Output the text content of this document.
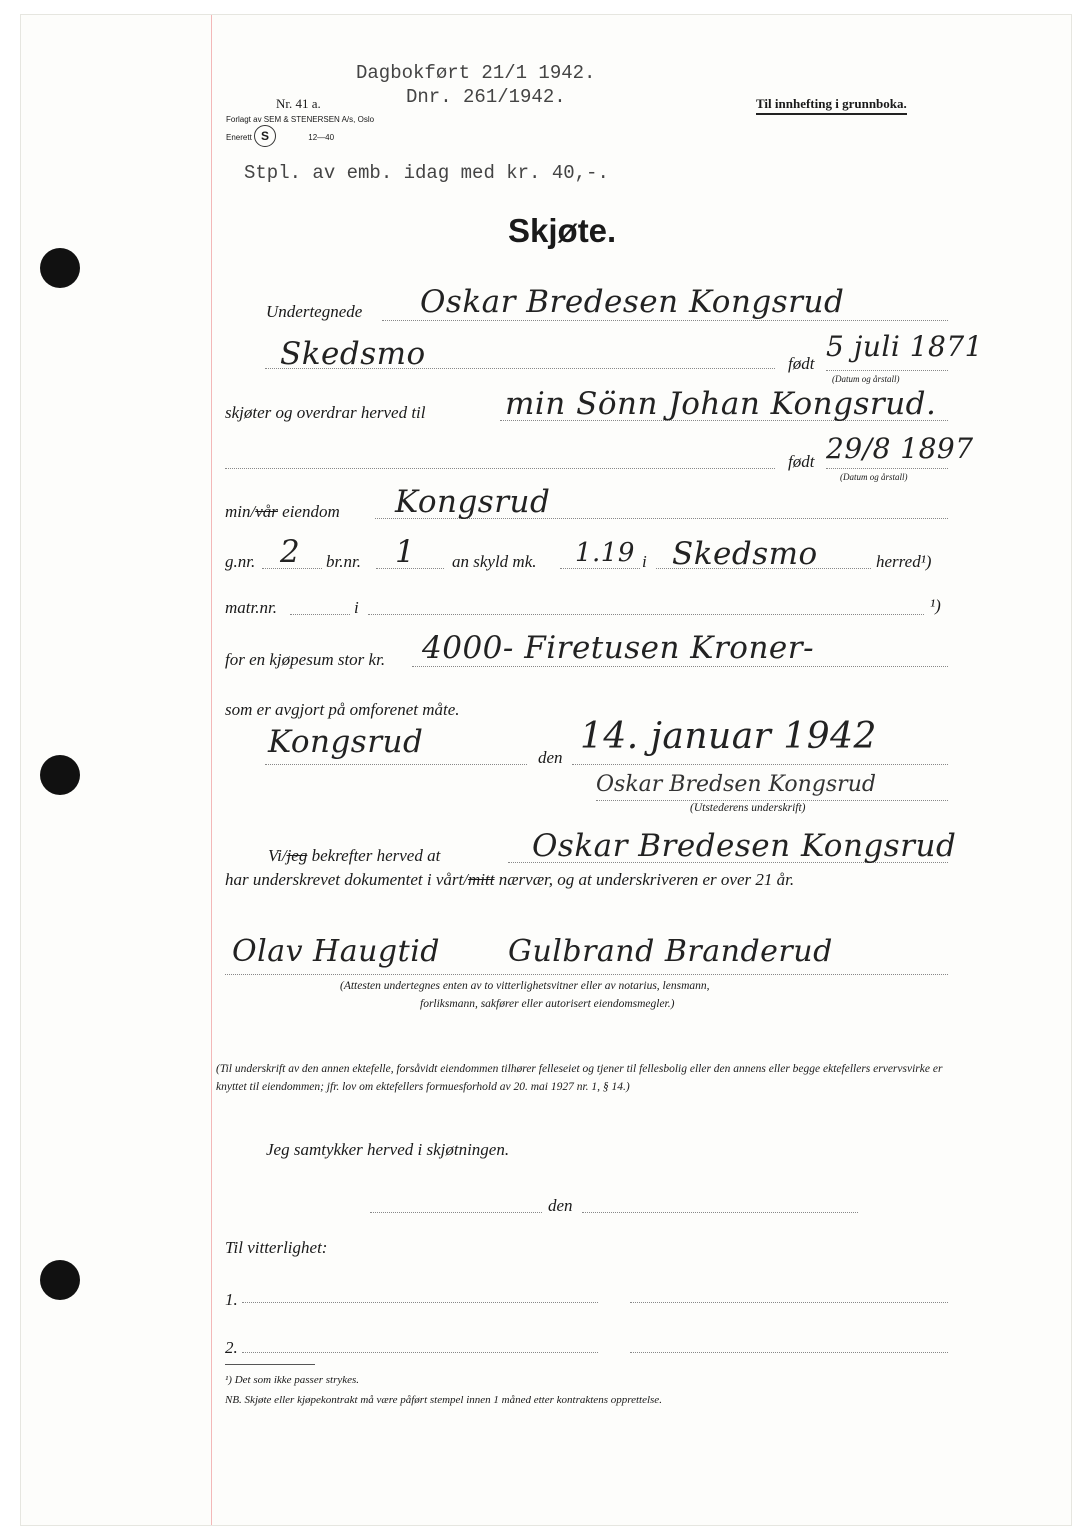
Dagbokført 21/1 1942.
Dnr. 261/1942.
Nr. 41 a.
Forlagt av SEM & STENERSEN A/s, Oslo
Enerett S	12—40
Til innhefting i grunnboka.
Stpl. av emb. idag med kr. 40,-.
Skjøte.
Undertegnede Oskar Bredesen Kongsrud
Skedsmo	født
5 juli 1871
(Datum og årstall)
skjøter og overdrar herved til	min Sönn Johan Kongsrud.
født 29/8 1897
(Datum og årstall)
min/vår eiendom Kongsrud
g.nr. 2 br.nr. 1 an skyld mk. 1.19 i Skedsmo	herred¹)
matr.nr.	i	¹)
for en kjøpesum stor kr. 4000- Firetusen Kroner-
som er avgjort på omforenet måte.
Kongsrud	den
14. januar 1942
Oskar Bredsen Kongsrud
(Utstederens underskrift)
Vi/jeg bekrefter herved at	Oskar Bredesen Kongsrud
har underskrevet dokumentet i vårt/mitt nærvær, og at underskriveren er over 21 år.
Olav Haugtid Gulbrand Branderud
(Attesten undertegnes enten av to vitterlighetsvitner eller av notarius, lensmann,
forliksmann, sakfører eller autorisert eiendomsmegler.)
(Til underskrift av den annen ektefelle, forsåvidt eiendommen tilhører felleseiet og tjener til fellesbolig eller den annens eller begge ektefellers ervervsvirke er knyttet til eiendommen; jfr. lov om ektefellers formuesforhold av 20. mai 1927 nr. 1, § 14.)
Jeg samtykker herved i skjøtningen.
den
Til vitterlighet:
1.
2.
¹) Det som ikke passer strykes.
NB. Skjøte eller kjøpekontrakt må være påført stempel innen 1 måned etter kontraktens opprettelse.
